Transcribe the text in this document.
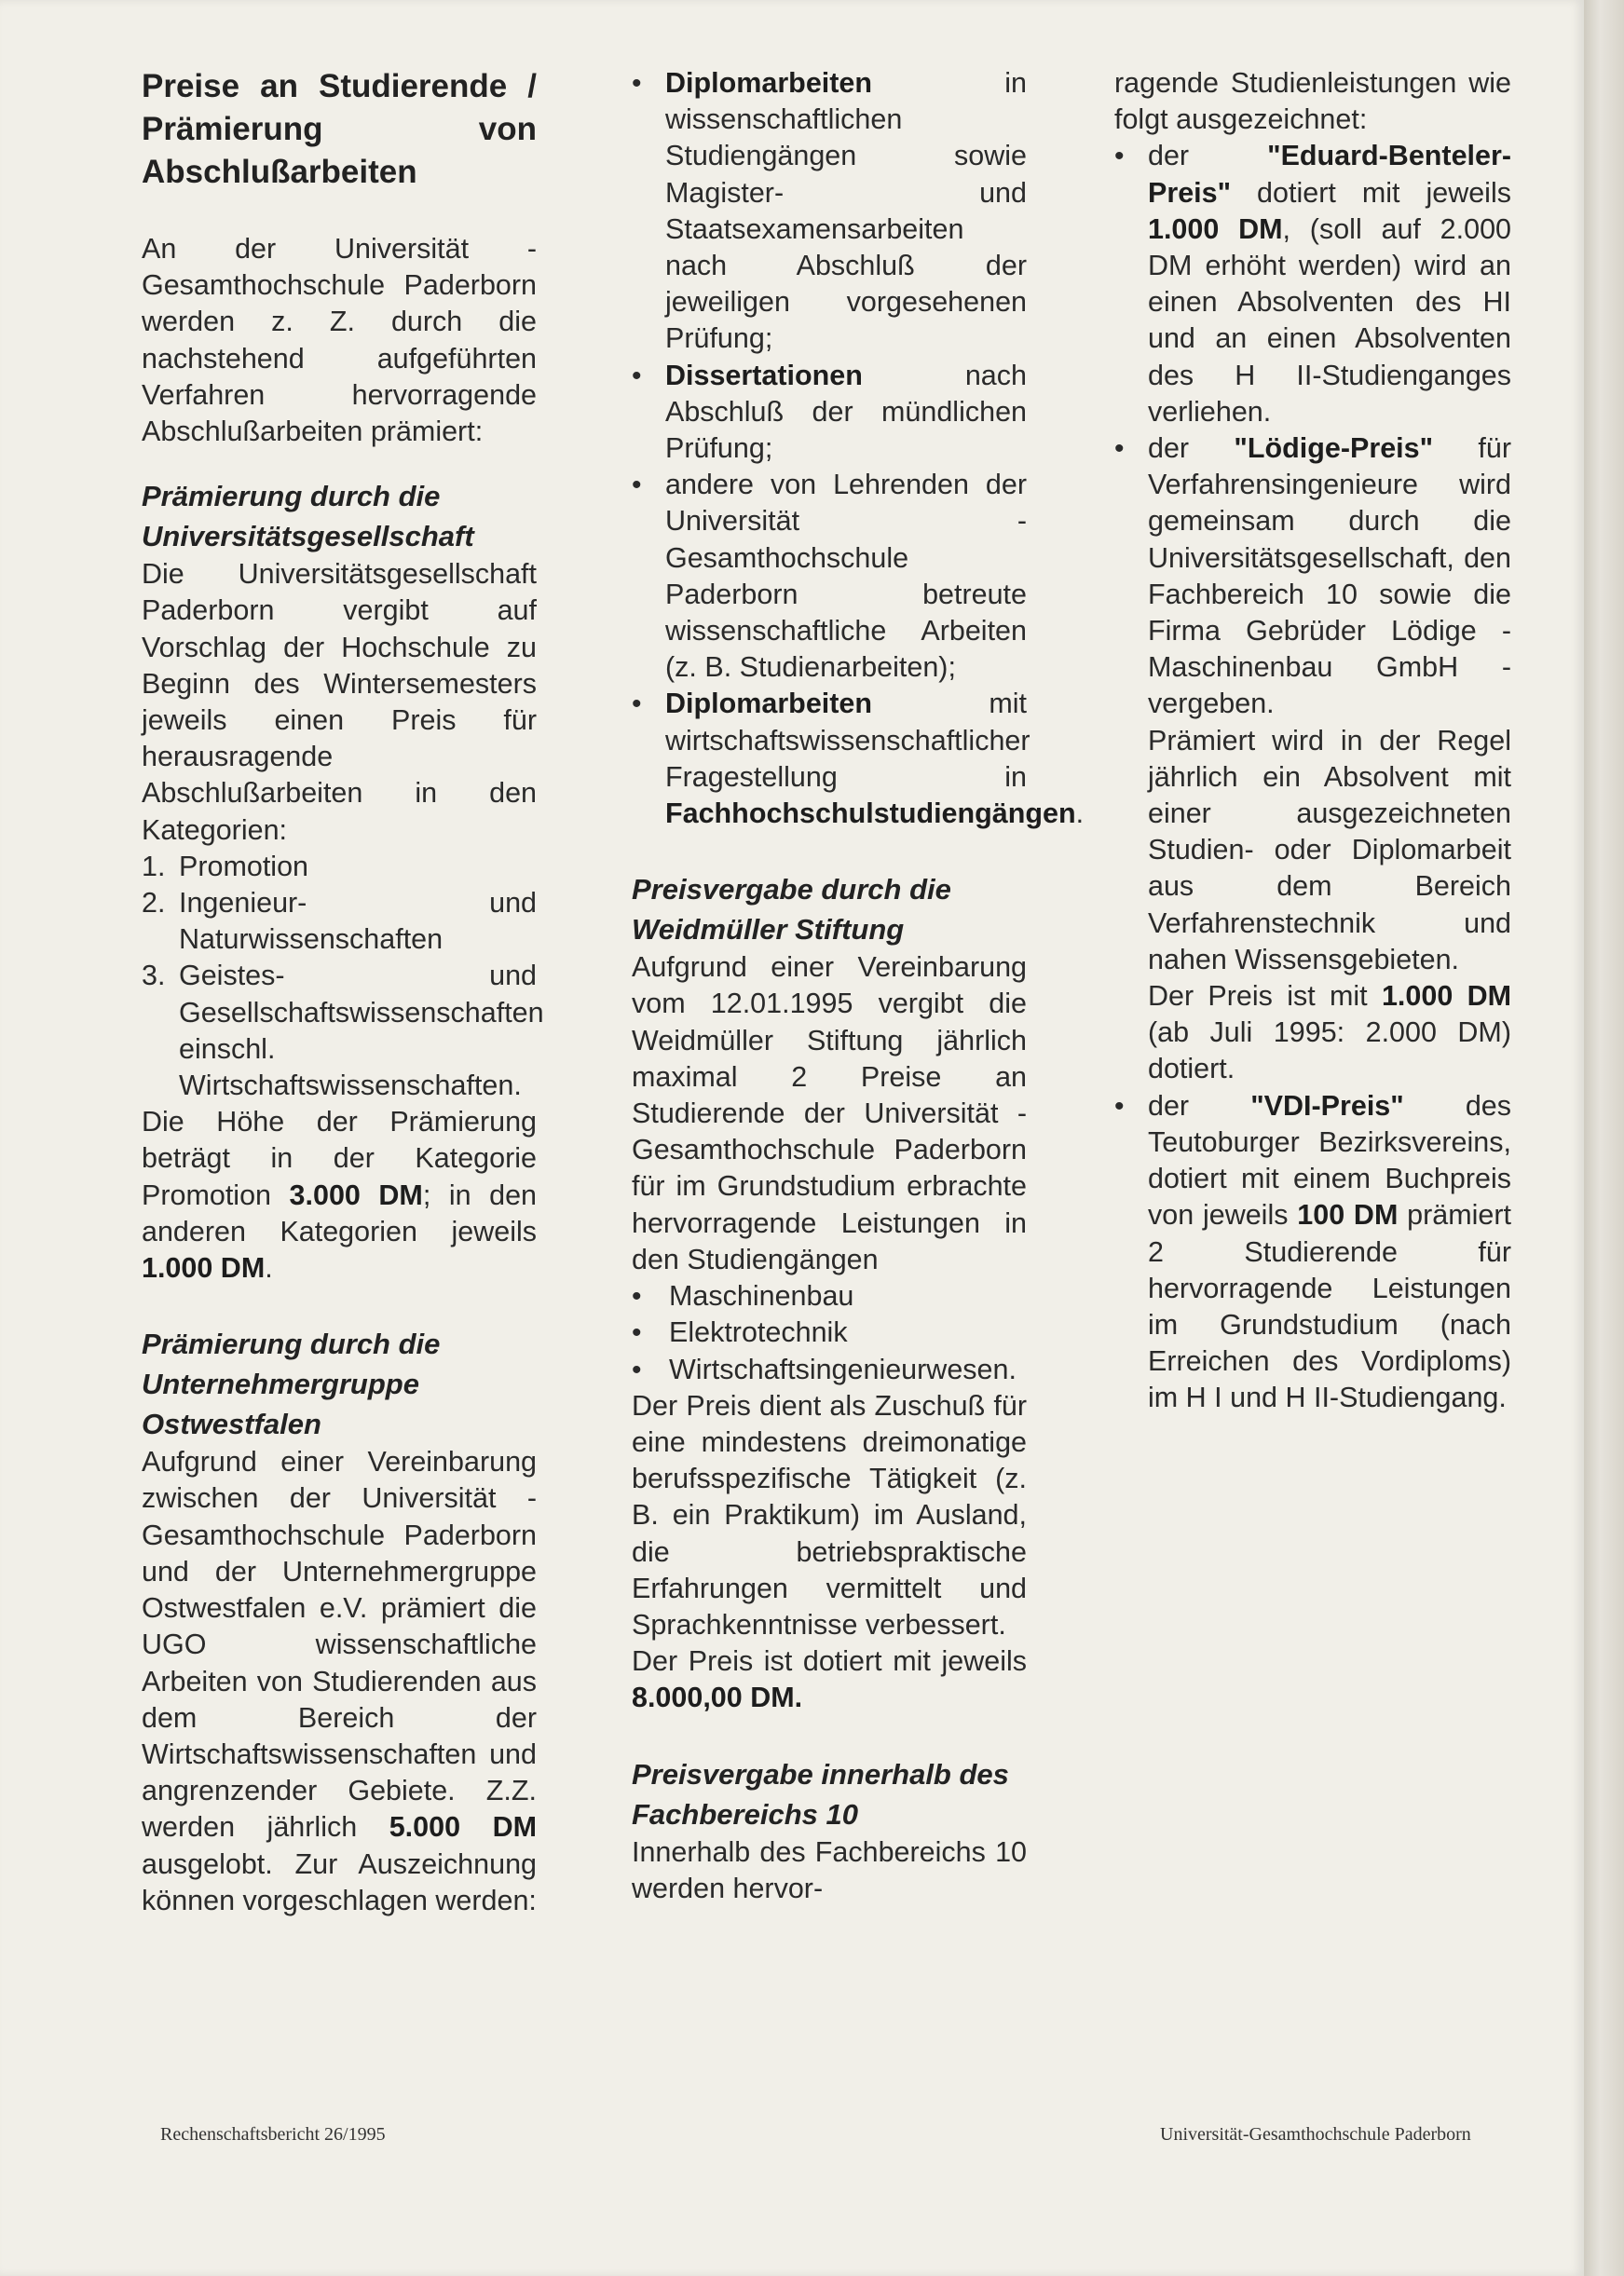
Preise an Studierende / Prämierung von Abschlußarbeiten

An der Universität - Gesamthochschule Paderborn werden z. Z. durch die nachstehend aufgeführten Verfahren hervorragende Abschlußarbeiten prämiert:

Prämierung durch die Universitätsgesellschaft

Die Universitätsgesellschaft Paderborn vergibt auf Vorschlag der Hochschule zu Beginn des Wintersemesters jeweils einen Preis für herausragende Abschlußarbeiten in den Kategorien:

1. Promotion
2. Ingenieur- und Naturwissenschaften
3. Geistes- und Gesellschaftswissenschaften einschl. Wirtschaftswissenschaften.

Die Höhe der Prämierung beträgt in der Kategorie Promotion 3.000 DM; in den anderen Kategorien jeweils 1.000 DM.

Prämierung durch die Unternehmergruppe Ostwestfalen

Aufgrund einer Vereinbarung zwischen der Universität - Gesamthochschule Paderborn und der Unternehmergruppe Ostwestfalen e.V. prämiert die UGO wissenschaftliche Arbeiten von Studierenden aus dem Bereich der Wirtschaftswissenschaften und angrenzender Gebiete. Z.Z. werden jährlich 5.000 DM ausgelobt. Zur Auszeichnung können vorgeschlagen werden:

• Diplomarbeiten in wissenschaftlichen Studiengängen sowie Magister- und Staatsexamensarbeiten nach Abschluß der jeweiligen vorgesehenen Prüfung;
• Dissertationen nach Abschluß der mündlichen Prüfung;
• andere von Lehrenden der Universität - Gesamthochschule Paderborn betreute wissenschaftliche Arbeiten (z. B. Studienarbeiten);
• Diplomarbeiten mit wirtschaftswissenschaftlicher Fragestellung in Fachhochschulstudiengängen.
Preisvergabe durch die Weidmüller Stiftung

Aufgrund einer Vereinbarung vom 12.01.1995 vergibt die Weidmüller Stiftung jährlich maximal 2 Preise an Studierende der Universität - Gesamthochschule Paderborn für im Grundstudium erbrachte hervorragende Leistungen in den Studiengängen

• Maschinenbau
• Elektrotechnik
• Wirtschaftsingenieurwesen.

Der Preis dient als Zuschuß für eine mindestens dreimonatige berufsspezifische Tätigkeit (z. B. ein Praktikum) im Ausland, die betriebspraktische Erfahrungen vermittelt und Sprachkenntnisse verbessert.

Der Preis ist dotiert mit jeweils 8.000,00 DM.

Preisvergabe innerhalb des Fachbereichs 10

Innerhalb des Fachbereichs 10 werden hervor-

ragende Studienleistungen wie folgt ausgezeichnet:

• der "Eduard-Benteler-Preis" dotiert mit jeweils 1.000 DM, (soll auf 2.000 DM erhöht werden) wird an einen Absolventen des HI und an einen Absolventen des H II-Studienganges verliehen.
• der "Lödige-Preis" für Verfahrensingenieure wird gemeinsam durch die Universitätsgesellschaft, den Fachbereich 10 sowie die Firma Gebrüder Lödige - Maschinenbau GmbH - vergeben.

Prämiert wird in der Regel jährlich ein Absolvent mit einer ausgezeichneten Studien- oder Diplomarbeit aus dem Bereich Verfahrenstechnik und nahen Wissensgebieten.

Der Preis ist mit 1.000 DM (ab Juli 1995: 2.000 DM) dotiert.

• der "VDI-Preis" des Teutoburger Bezirksvereins, dotiert mit einem Buchpreis von jeweils 100 DM prämiert 2 Studierende für hervorragende Leistungen im Grundstudium (nach Erreichen des Vordiploms) im H I und H II-Studiengang.
Rechenschaftsbericht 26/1995	Universität-Gesamthochschule Paderborn
